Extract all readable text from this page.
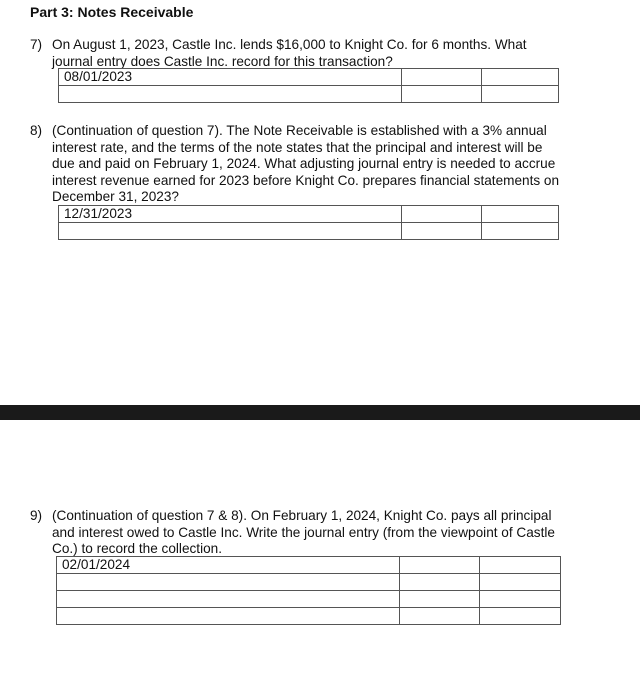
Part 3: Notes Receivable
7) On August 1, 2023, Castle Inc. lends $16,000 to Knight Co. for 6 months. What
journal entry does Castle Inc. record for this transaction?
08/01/2023		

8) (Continuation of question 7). The Note Receivable is established with a 3% annual
interest rate, and the terms of the note states that the principal and interest will be
due and paid on February 1, 2024. What adjusting journal entry is needed to accrue
interest revenue earned for 2023 before Knight Co. prepares financial statements on
December 31, 2023?
12/31/2023		

9) (Continuation of question 7 & 8). On February 1, 2024, Knight Co. pays all principal
and interest owed to Castle Inc. Write the journal entry (from the viewpoint of Castle
Co.) to record the collection.
02/01/2024		
